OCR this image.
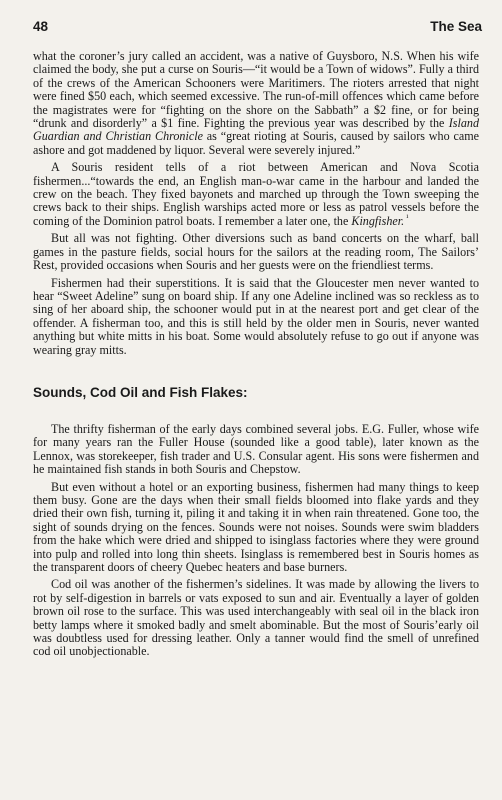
48	The Sea

what the coroner’s jury called an accident, was a native of Guysboro, N.S. When his wife claimed the body, she put a curse on Souris—“it would be a Town of widows”. Fully a third of the crews of the American Schooners were Maritimers. The rioters arrested that night were fined $50 each, which seemed excessive. The run-of-mill offences which came before the magistrates were for “fighting on the shore on the Sabbath” a $2 fine, or for being “drunk and disorderly” a $1 fine. Fighting the previous year was described by the Island Guardian and Christian Chronicle as “great rioting at Souris, caused by sailors who came ashore and got maddened by liquor. Several were severely injured.”

A Souris resident tells of a riot between American and Nova Scotia fishermen...“towards the end, an English man-o-war came in the harbour and landed the crew on the beach. They fixed bayonets and marched up through the Town sweeping the crews back to their ships. English warships acted more or less as patrol vessels before the coming of the Dominion patrol boats. I remember a later one, the Kingfisher. $^{^1}$

But all was not fighting. Other diversions such as band concerts on the wharf, ball games in the pasture fields, social hours for the sailors at the reading room, The Sailors’ Rest, provided occasions when Souris and her guests were on the friendliest terms.

Fishermen had their superstitions. It is said that the Gloucester men never wanted to hear “Sweet Adeline” sung on board ship. If any one Adeline inclined was so reckless as to sing of her aboard ship, the schooner would put in at the nearest port and get clear of the offender. A fisherman too, and this is still held by the older men in Souris, never wanted anything but white mitts in his boat. Some would absolutely refuse to go out if anyone was wearing gray mitts.

Sounds, Cod Oil and Fish Flakes:

The thrifty fisherman of the early days combined several jobs. E.G. Fuller, whose wife for many years ran the Fuller House (sounded like a good table), later known as the Lennox, was storekeeper, fish trader and U.S. Consular agent. His sons were fishermen and he maintained fish stands in both Souris and Chepstow.

But even without a hotel or an exporting business, fishermen had many things to keep them busy. Gone are the days when their small fields bloomed into flake yards and they dried their own fish, turning it, piling it and taking it in when rain threatened. Gone too, the sight of sounds drying on the fences. Sounds were not noises. Sounds were swim bladders from the hake which were dried and shipped to isinglass factories where they were ground into pulp and rolled into long thin sheets. Isinglass is remembered best in Souris homes as the transparent doors of cheery Quebec heaters and base burners.

Cod oil was another of the fishermen’s sidelines. It was made by allowing the livers to rot by self-digestion in barrels or vats exposed to sun and air. Eventually a layer of golden brown oil rose to the surface. This was used interchangeably with seal oil in the black iron betty lamps where it smoked badly and smelt abominable. But the most of Souris’early oil was doubtless used for dressing leather. Only a tanner would find the smell of unrefined cod oil unobjectionable.
